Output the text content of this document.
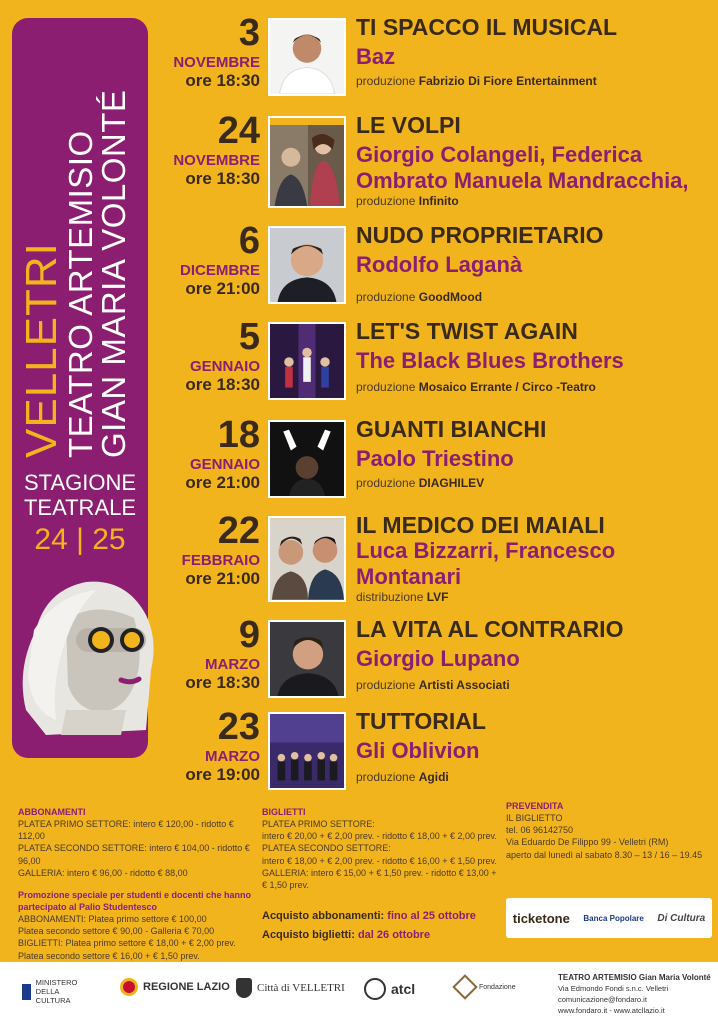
VELLETRI
TEATRO ARTEMISIO
GIAN MARIA VOLONTÉ
STAGIONE
TEATRALE
24 | 25
3
NOVEMBRE
ore 18:30
TI SPACCO IL MUSICAL
Baz
produzione Fabrizio Di Fiore Entertainment
24
NOVEMBRE
ore 18:30
LE VOLPI
Giorgio Colangeli, Federica Ombrato Manuela Mandracchia,
produzione Infinito
6
DICEMBRE
ore 21:00
NUDO PROPRIETARIO
Rodolfo Laganà
produzione GoodMood
5
GENNAIO
ore 18:30
LET'S TWIST AGAIN
The Black Blues Brothers
produzione Mosaico Errante / Circo -Teatro
18
GENNAIO
ore 21:00
GUANTI BIANCHI
Paolo Triestino
produzione DIAGHILEV
22
FEBBRAIO
ore 21:00
IL MEDICO DEI MAIALI
Luca Bizzarri, Francesco Montanari
distribuzione LVF
9
MARZO
ore 18:30
LA VITA AL CONTRARIO
Giorgio Lupano
produzione Artisti Associati
23
MARZO
ore 19:00
TUTTORIAL
Gli Oblivion
produzione Agidi
ABBONAMENTI
PLATEA PRIMO SETTORE: intero € 120,00 - ridotto € 112,00
PLATEA SECONDO SETTORE: intero € 104,00 - ridotto € 96,00
GALLERIA: intero € 96,00 - ridotto € 88,00
Promozione speciale per studenti e docenti che hanno partecipato al Palio Studentesco
ABBONAMENTI: Platea primo settore € 100,00
Platea secondo settore € 90,00 - Galleria € 70,00
BIGLIETTI: Platea primo settore € 18,00 + € 2,00 prev.
Platea secondo settore € 16,00 + € 1,50 prev.
BIGLIETTI
PLATEA PRIMO SETTORE:
intero € 20,00 + € 2,00 prev. - ridotto € 18,00 + € 2,00 prev.
PLATEA SECONDO SETTORE:
intero € 18,00 + € 2,00 prev. - ridotto € 16,00 + € 1,50 prev.
GALLERIA: intero € 15,00 + € 1,50 prev. - ridotto € 13,00 + € 1,50 prev.
Acquisto abbonamenti: fino al 25 ottobre
Acquisto biglietti: dal 26 ottobre
PREVENDITA
IL BIGLIETTO
tel. 06 96142750
Via Eduardo De Filippo 99 - Velletri (RM)
aperto dal lunedì al sabato 8.30 – 13 / 16 – 19.45
ticketone Banca Popolare Di Cultura
MINISTERO DELLA CULTURA
REGIONE LAZIO Città di VELLETRI	atcl	Fondazione
TEATRO ARTEMISIO Gian Maria Volonté
Via Edmondo Fondi s.n.c. Velletri
comunicazione@fondaro.it
www.fondaro.it - www.atcllazio.it
